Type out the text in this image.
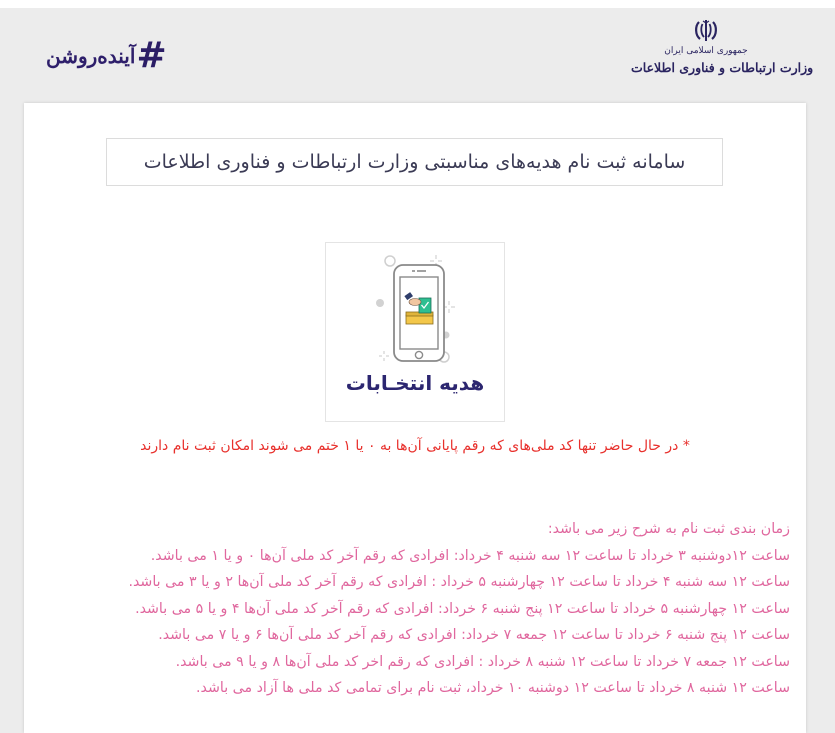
#
آینده‌روشن	جمهوری اسلامی ایران
وزارت ارتباطات و فناوری اطلاعات
سامانه ثبت نام هدیه‌های مناسبتی وزارت ارتباطات و فناوری اطلاعات
هدیه انتخـابات
* در حال حاضر تنها کد ملی‌های که رقم پایانی آن‌ها به ۰ یا ۱ ختم می شوند امکان ثبت نام دارند
زمان بندی ثبت نام به شرح زیر می باشد:
ساعت ۱۲دوشنبه ۳ خرداد تا ساعت ۱۲ سه شنبه ۴ خرداد: افرادی که رقم آخر کد ملی آن‌ها ۰ و یا ۱ می باشد.
ساعت ۱۲ سه شنبه ۴ خرداد تا ساعت ۱۲ چهارشنبه ۵ خرداد : افرادی که رقم آخر کد ملی آن‌ها ۲ و یا ۳ می باشد.
ساعت ۱۲ چهارشنبه ۵ خرداد تا ساعت ۱۲ پنج شنبه ۶ خرداد: افرادی که رقم آخر کد ملی آن‌ها ۴ و یا ۵ می باشد.
ساعت ۱۲ پنج شنبه ۶ خرداد تا ساعت ۱۲ جمعه ۷ خرداد: افرادی که رقم آخر کد ملی آن‌ها ۶ و یا ۷ می باشد.
ساعت ۱۲ جمعه ۷ خرداد تا ساعت ۱۲ شنبه ۸ خرداد : افرادی که رقم اخر کد ملی آن‌ها ۸ و یا ۹ می باشد.
ساعت ۱۲ شنبه ۸ خرداد تا ساعت ۱۲ دوشنبه ۱۰ خرداد، ثبت نام برای تمامی کد ملی ها آزاد می باشد.
